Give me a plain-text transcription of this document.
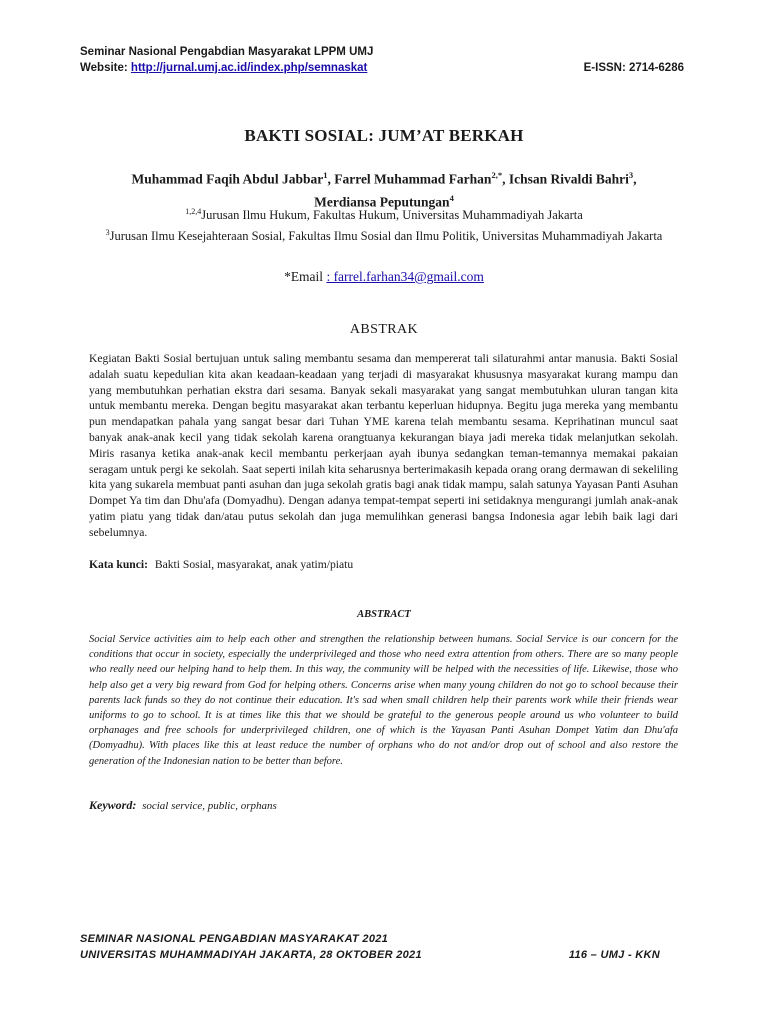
Seminar Nasional Pengabdian Masyarakat LPPM UMJ
Website: http://jurnal.umj.ac.id/index.php/semnaskat	E-ISSN: 2714-6286
BAKTI SOSIAL: JUM’AT BERKAH
Muhammad Faqih Abdul Jabbar$^1$, Farrel Muhammad Farhan$^{2,*}$, Ichsan Rivaldi Bahri$^3$,
Merdiansa Peputungan$^4$
$^{1,2,4}$Jurusan Ilmu Hukum, Fakultas Hukum, Universitas Muhammadiyah Jakarta
$^3$Jurusan Ilmu Kesejahteraan Sosial, Fakultas Ilmu Sosial dan Ilmu Politik, Universitas Muhammadiyah Jakarta
*Email : farrel.farhan34@gmail.com
ABSTRAK
Kegiatan Bakti Sosial bertujuan untuk saling membantu sesama dan mempererat tali silaturahmi antar manusia. Bakti Sosial adalah suatu kepedulian kita akan keadaan-keadaan yang terjadi di masyarakat khususnya masyarakat kurang mampu dan yang membutuhkan perhatian ekstra dari sesama. Banyak sekali masyarakat yang sangat membutuhkan uluran tangan kita untuk membantu mereka. Dengan begitu masyarakat akan terbantu keperluan hidupnya. Begitu juga mereka yang membantu pun mendapatkan pahala yang sangat besar dari Tuhan YME karena telah membantu sesama. Keprihatinan muncul saat banyak anak-anak kecil yang tidak sekolah karena orangtuanya kekurangan biaya jadi mereka tidak melanjutkan sekolah. Miris rasanya ketika anak-anak kecil membantu perkerjaan ayah ibunya sedangkan teman-temannya memakai pakaian seragam untuk pergi ke sekolah. Saat seperti inilah kita seharusnya berterimakasih kepada orang orang dermawan di sekeliling kita yang sukarela membuat panti asuhan dan juga sekolah gratis bagi anak tidak mampu, salah satunya Yayasan Panti Asuhan Dompet Ya tim dan Dhu'afa (Domyadhu). Dengan adanya tempat-tempat seperti ini setidaknya mengurangi jumlah anak-anak yatim piatu yang tidak dan/atau putus sekolah dan juga memulihkan generasi bangsa Indonesia agar lebih baik lagi dari sebelumnya.
Kata kunci: Bakti Sosial, masyarakat, anak yatim/piatu
ABSTRACT
Social Service activities aim to help each other and strengthen the relationship between humans. Social Service is our concern for the conditions that occur in society, especially the underprivileged and those who need extra attention from others. There are so many people who really need our helping hand to help them. In this way, the community will be helped with the necessities of life. Likewise, those who help also get a very big reward from God for helping others. Concerns arise when many young children do not go to school because their parents lack funds so they do not continue their education. It's sad when small children help their parents work while their friends wear uniforms to go to school. It is at times like this that we should be grateful to the generous people around us who volunteer to build orphanages and free schools for underprivileged children, one of which is the Yayasan Panti Asuhan Dompet Yatim dan Dhu'afa (Domyadhu). With places like this at least reduce the number of orphans who do not and/or drop out of school and also restore the generation of the Indonesian nation to be better than before.
Keyword: social service, public, orphans
SEMINAR NASIONAL PENGABDIAN MASYARAKAT 2021
UNIVERSITAS MUHAMMADIYAH JAKARTA, 28 OKTOBER 2021	116 – UMJ - KKN
